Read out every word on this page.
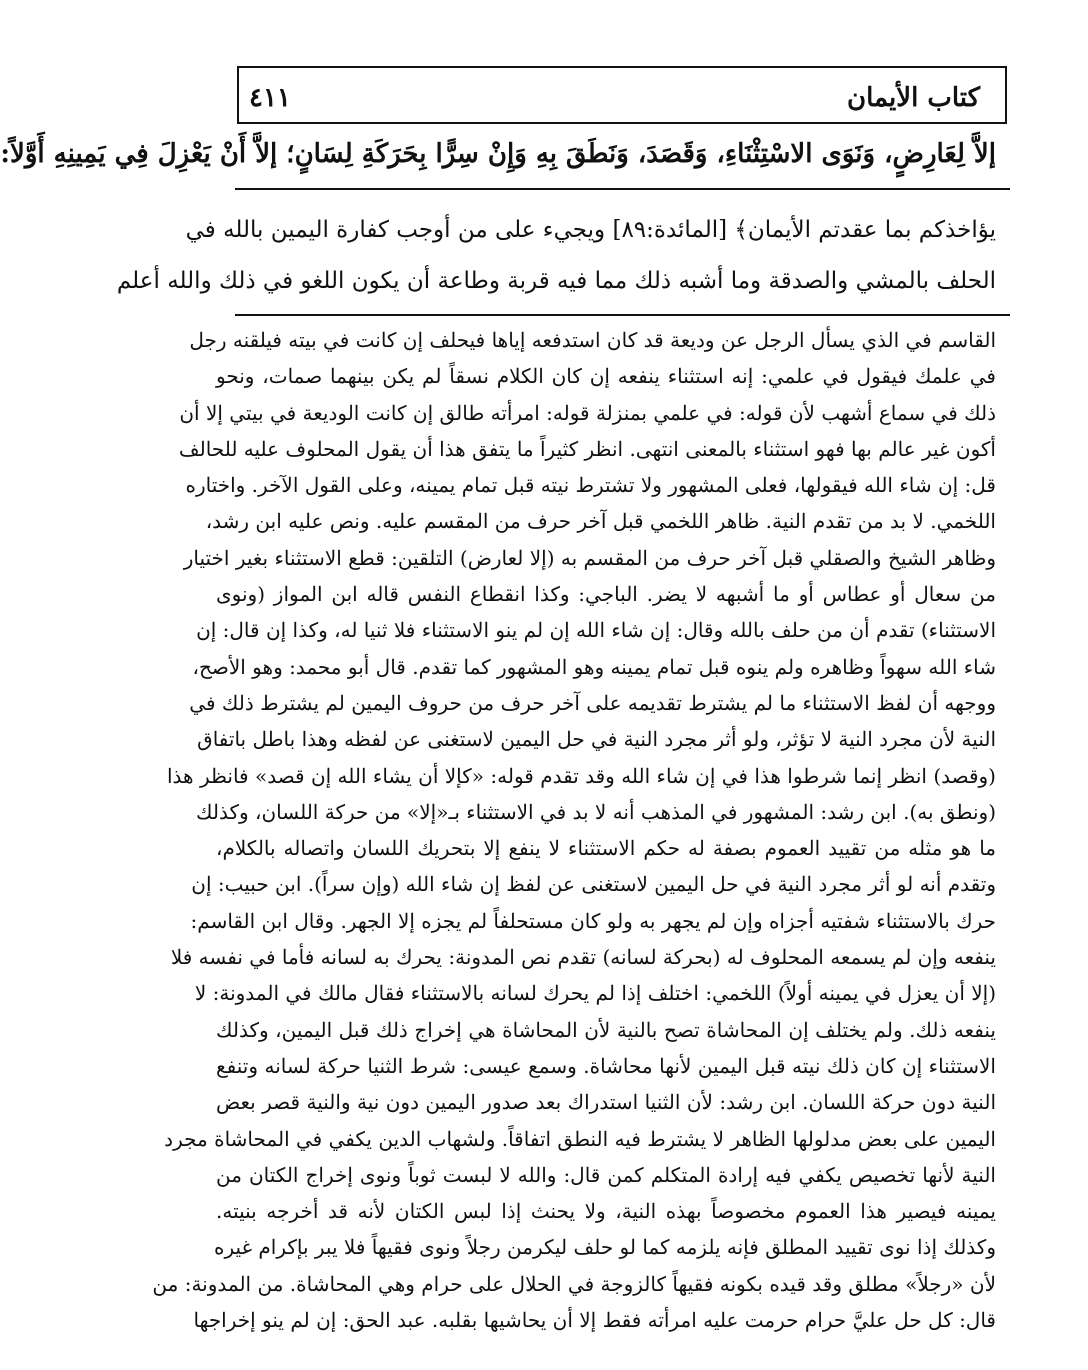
كتاب الأيمان
٤١١
إلاَّ لِعَارِضٍ، وَنَوَى الاسْتِثْنَاءِ، وَقَصَدَ، وَنَطَقَ بِهِ وَإِنْ سِرًّا بِحَرَكَةِ لِسَانٍ؛ إلاَّ أَنْ يَعْزِلَ فِي يَمِينِهِ أَوَّلاً:
يؤاخذكم بما عقدتم الأيمان﴾ [المائدة:٨٩] ويجيء على من أوجب كفارة اليمين بالله في
الحلف بالمشي والصدقة وما أشبه ذلك مما فيه قربة وطاعة أن يكون اللغو في ذلك والله أعلم
القاسم في الذي يسأل الرجل عن وديعة قد كان استدفعه إياها فيحلف إن كانت في بيته فيلقنه رجل
في علمك فيقول في علمي: إنه استثناء ينفعه إن كان الكلام نسقاً لم يكن بينهما صمات، ونحو
ذلك في سماع أشهب لأن قوله: في علمي بمنزلة قوله: امرأته طالق إن كانت الوديعة في بيتي إلا أن
أكون غير عالم بها فهو استثناء بالمعنى انتهى. انظر كثيراً ما يتفق هذا أن يقول المحلوف عليه للحالف
قل: إن شاء الله فيقولها، فعلى المشهور ولا تشترط نيته قبل تمام يمينه، وعلى القول الآخر. واختاره
اللخمي. لا بد من تقدم النية. ظاهر اللخمي قبل آخر حرف من المقسم عليه. ونص عليه ابن رشد،
وظاهر الشيخ والصقلي قبل آخر حرف من المقسم به (إلا لعارض) التلقين: قطع الاستثناء بغير اختيار
من سعال أو عطاس أو ما أشبهه لا يضر. الباجي: وكذا انقطاع النفس قاله ابن المواز (ونوى
الاستثناء) تقدم أن من حلف بالله وقال: إن شاء الله إن لم ينو الاستثناء فلا ثنيا له، وكذا إن قال: إن
شاء الله سهواً وظاهره ولم ينوه قبل تمام يمينه وهو المشهور كما تقدم. قال أبو محمد: وهو الأصح،
ووجهه أن لفظ الاستثناء ما لم يشترط تقديمه على آخر حرف من حروف اليمين لم يشترط ذلك في
النية لأن مجرد النية لا تؤثر، ولو أثر مجرد النية في حل اليمين لاستغنى عن لفظه وهذا باطل باتفاق
(وقصد) انظر إنما شرطوا هذا في إن شاء الله وقد تقدم قوله: «كإلا أن يشاء الله إن قصد» فانظر هذا
(ونطق به). ابن رشد: المشهور في المذهب أنه لا بد في الاستثناء بـ«إلا» من حركة اللسان، وكذلك
ما هو مثله من تقييد العموم بصفة له حكم الاستثناء لا ينفع إلا بتحريك اللسان واتصاله بالكلام،
وتقدم أنه لو أثر مجرد النية في حل اليمين لاستغنى عن لفظ إن شاء الله (وإن سراً). ابن حبيب: إن
حرك بالاستثناء شفتيه أجزاه وإن لم يجهر به ولو كان مستحلفاً لم يجزه إلا الجهر. وقال ابن القاسم:
ينفعه وإن لم يسمعه المحلوف له (بحركة لسانه) تقدم نص المدونة: يحرك به لسانه فأما في نفسه فلا
(إلا أن يعزل في يمينه أولاً) اللخمي: اختلف إذا لم يحرك لسانه بالاستثناء فقال مالك في المدونة: لا
ينفعه ذلك. ولم يختلف إن المحاشاة تصح بالنية لأن المحاشاة هي إخراج ذلك قبل اليمين، وكذلك
الاستثناء إن كان ذلك نيته قبل اليمين لأنها محاشاة. وسمع عيسى: شرط الثنيا حركة لسانه وتنفع
النية دون حركة اللسان. ابن رشد: لأن الثنيا استدراك بعد صدور اليمين دون نية والنية قصر بعض
اليمين على بعض مدلولها الظاهر لا يشترط فيه النطق اتفاقاً. ولشهاب الدين يكفي في المحاشاة مجرد
النية لأنها تخصيص يكفي فيه إرادة المتكلم كمن قال: والله لا لبست ثوباً ونوى إخراج الكتان من
يمينه فيصير هذا العموم مخصوصاً بهذه النية، ولا يحنث إذا لبس الكتان لأنه قد أخرجه بنيته.
وكذلك إذا نوى تقييد المطلق فإنه يلزمه كما لو حلف ليكرمن رجلاً ونوى فقيهاً فلا يبر بإكرام غيره
لأن «رجلاً» مطلق وقد قيده بكونه فقيهاً كالزوجة في الحلال على حرام وهي المحاشاة. من المدونة: من
قال: كل حل عليَّ حرام حرمت عليه امرأته فقط إلا أن يحاشيها بقلبه. عبد الحق: إن لم ينو إخراجها
